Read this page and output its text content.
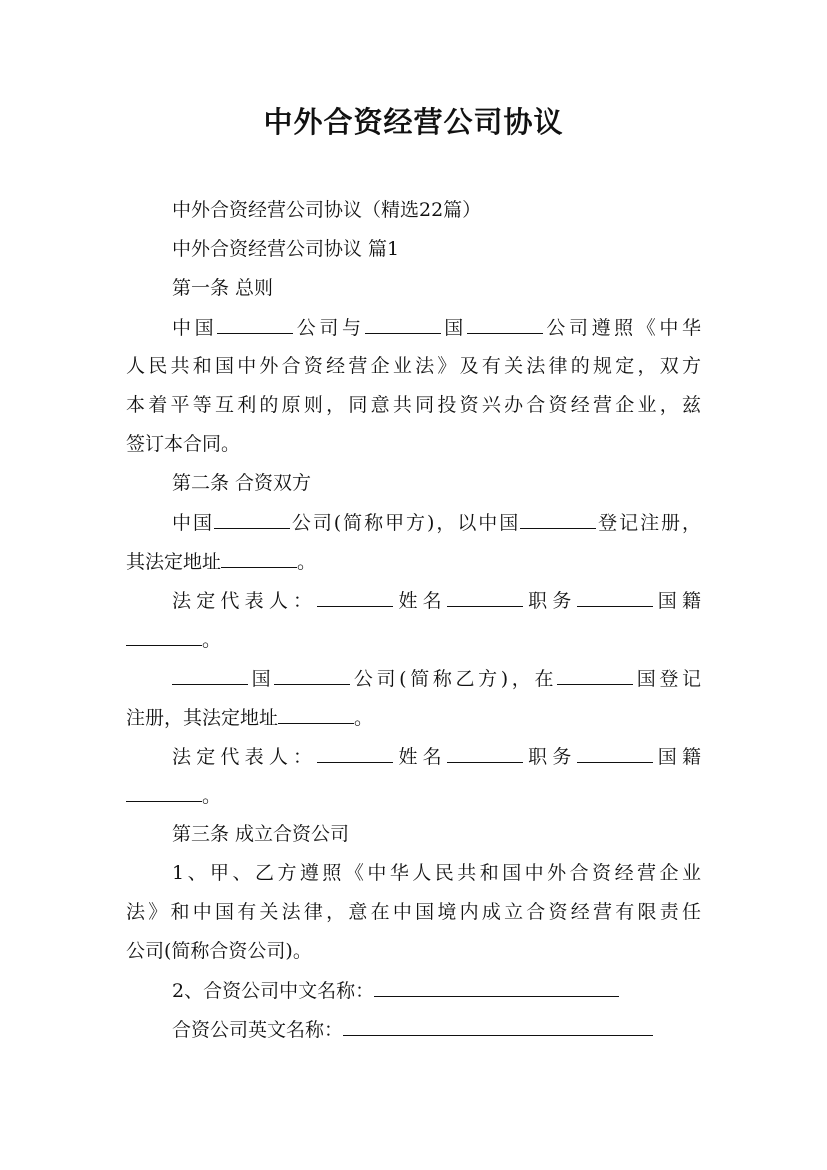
中外合资经营公司协议
中外合资经营公司协议（精选22篇）
中外合资经营公司协议 篇1
第一条 总则
中国	公司与	国	公司遵照《中华
人民共和国中外合资经营企业法》及有关法律的规定，双方
本着平等互利的原则，同意共同投资兴办合资经营企业，兹
签订本合同。
第二条 合资双方
中国	公司(简称甲方)，以中国	登记注册，
其法定地址	。
法定代表人：	姓名	职务	国籍
。
国	公司(简称乙方)，在	国登记
注册，其法定地址	。
法定代表人：	姓名	职务	国籍
。
第三条 成立合资公司
1、甲、乙方遵照《中华人民共和国中外合资经营企业
法》和中国有关法律，意在中国境内成立合资经营有限责任
公司(简称合资公司)。
2、合资公司中文名称：
合资公司英文名称：
